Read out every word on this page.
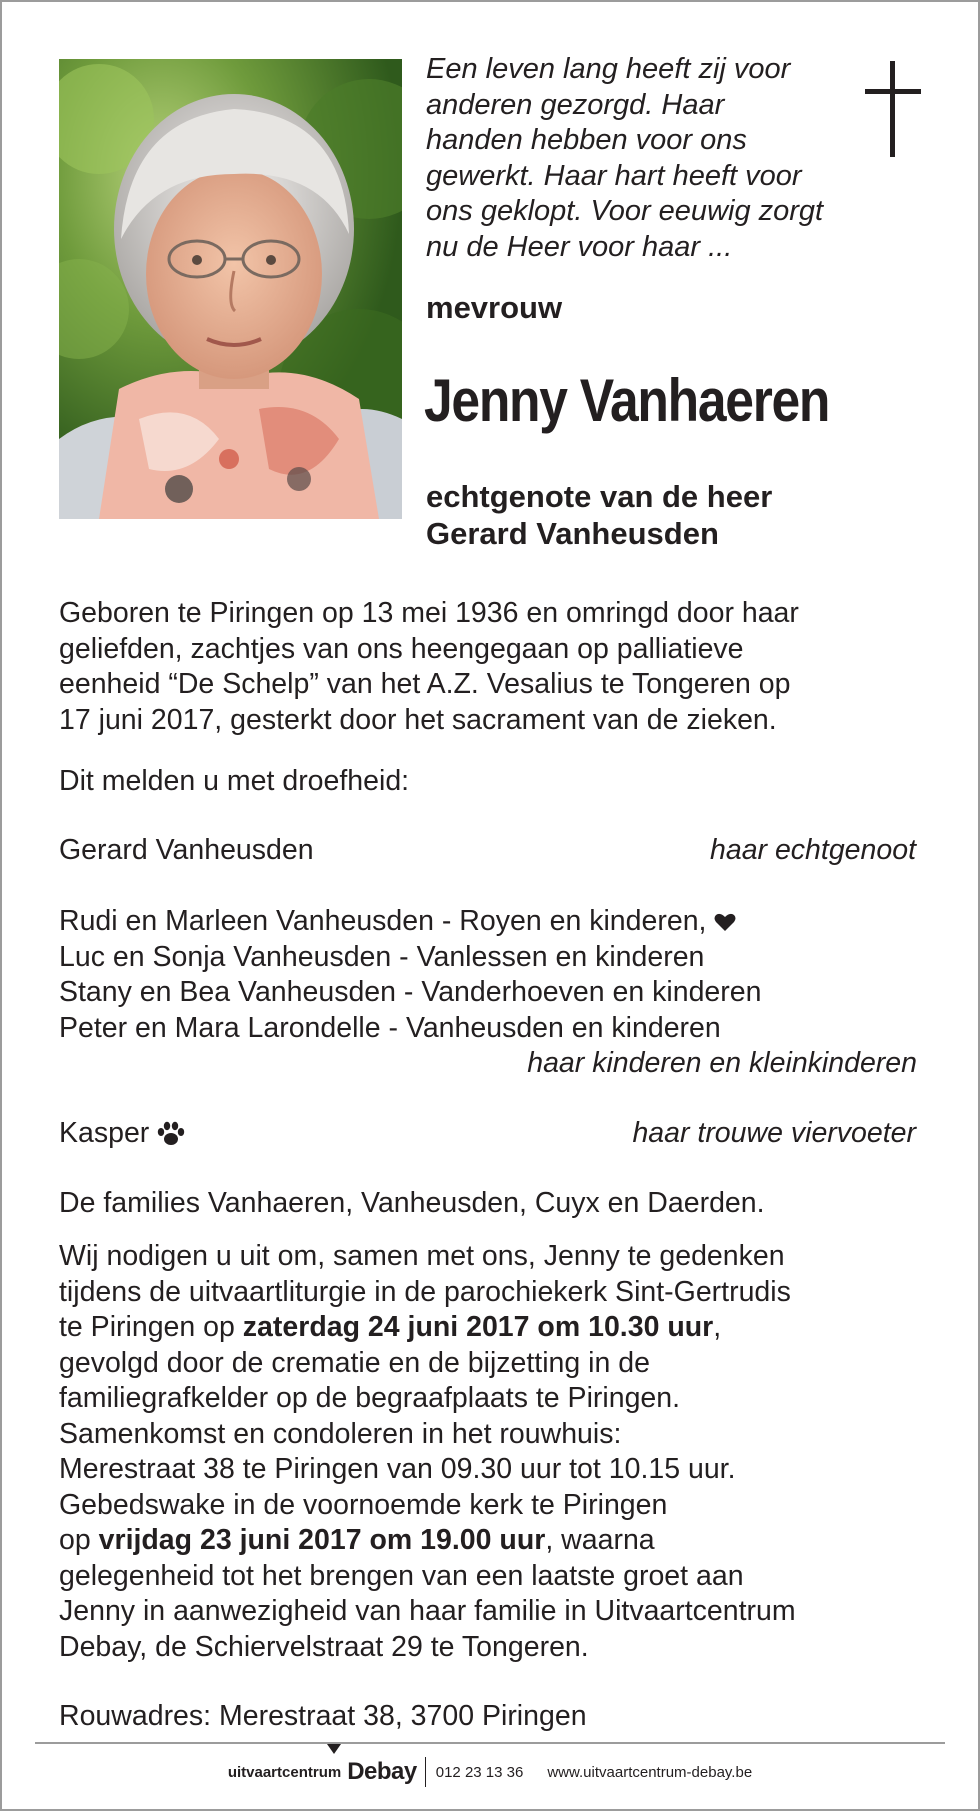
Een leven lang heeft zij voor
anderen gezorgd. Haar
handen hebben voor ons
gewerkt. Haar hart heeft voor
ons geklopt. Voor eeuwig zorgt
nu de Heer voor haar ...

mevrouw

Jenny Vanhaeren

echtgenote van de heer
Gerard Vanheusden
Geboren te Piringen op 13 mei 1936 en omringd door haar
geliefden, zachtjes van ons heengegaan op palliatieve
eenheid “De Schelp” van het A.Z. Vesalius te Tongeren op
17 juni 2017, gesterkt door het sacrament van de zieken.
Dit melden u met droefheid:
Gerard Vanheusden	haar echtgenoot
Rudi en Marleen Vanheusden - Royen en kinderen,
Luc en Sonja Vanheusden - Vanlessen en kinderen
Stany en Bea Vanheusden - Vanderhoeven en kinderen
Peter en Mara Larondelle - Vanheusden en kinderen
haar kinderen en kleinkinderen
Kasper	haar trouwe viervoeter
De families Vanhaeren, Vanheusden, Cuyx en Daerden.
Wij nodigen u uit om, samen met ons, Jenny te gedenken
tijdens de uitvaartliturgie in de parochiekerk Sint-Gertrudis
te Piringen op zaterdag 24 juni 2017 om 10.30 uur,
gevolgd door de crematie en de bijzetting in de
familiegrafkelder op de begraafplaats te Piringen.
Samenkomst en condoleren in het rouwhuis:
Merestraat 38 te Piringen van 09.30 uur tot 10.15 uur.
Gebedswake in de voornoemde kerk te Piringen
op vrijdag 23 juni 2017 om 19.00 uur, waarna
gelegenheid tot het brengen van een laatste groet aan
Jenny in aanwezigheid van haar familie in Uitvaartcentrum
Debay, de Schiervelstraat 29 te Tongeren.
Rouwadres: Merestraat 38, 3700 Piringen
uitvaartcentrum Debay 012 23 13 36 www.uitvaartcentrum-debay.be
